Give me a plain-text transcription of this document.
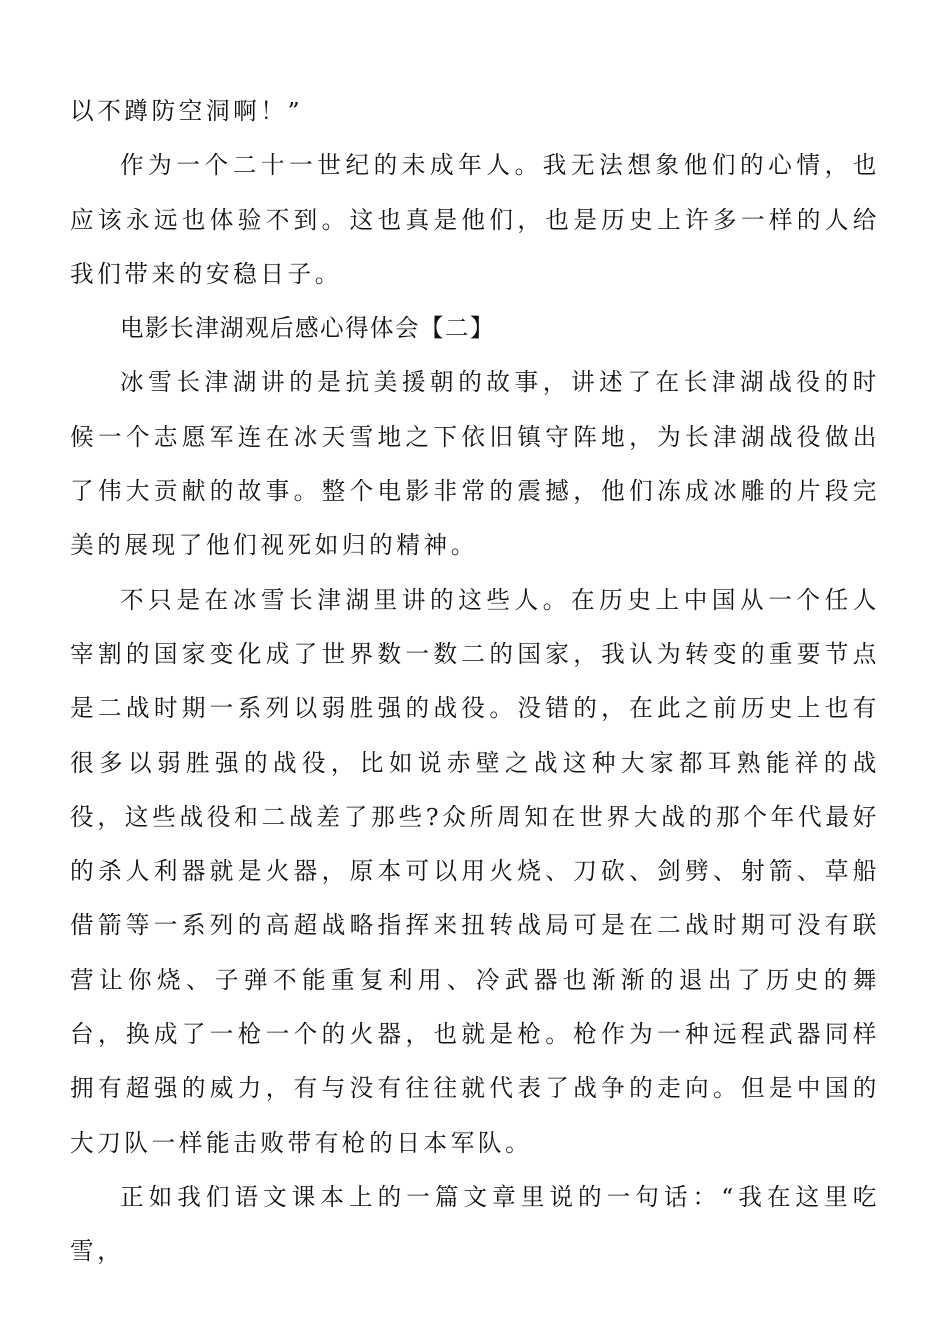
以不蹲防空洞啊！”

作为一个二十一世纪的未成年人。我无法想象他们的心情，也应该永远也体验不到。这也真是他们，也是历史上许多一样的人给我们带来的安稳日子。

电影长津湖观后感心得体会【二】

冰雪长津湖讲的是抗美援朝的故事，讲述了在长津湖战役的时候一个志愿军连在冰天雪地之下依旧镇守阵地，为长津湖战役做出了伟大贡献的故事。整个电影非常的震撼，他们冻成冰雕的片段完美的展现了他们视死如归的精神。

不只是在冰雪长津湖里讲的这些人。在历史上中国从一个任人宰割的国家变化成了世界数一数二的国家，我认为转变的重要节点是二战时期一系列以弱胜强的战役。没错的，在此之前历史上也有很多以弱胜强的战役，比如说赤壁之战这种大家都耳熟能祥的战役，这些战役和二战差了那些?众所周知在世界大战的那个年代最好的杀人利器就是火器，原本可以用火烧、刀砍、剑劈、射箭、草船借箭等一系列的高超战略指挥来扭转战局可是在二战时期可没有联营让你烧、子弹不能重复利用、冷武器也渐渐的退出了历史的舞台，换成了一枪一个的火器，也就是枪。枪作为一种远程武器同样拥有超强的威力，有与没有往往就代表了战争的走向。但是中国的大刀队一样能击败带有枪的日本军队。

正如我们语文课本上的一篇文章里说的一句话：“我在这里吃雪，
